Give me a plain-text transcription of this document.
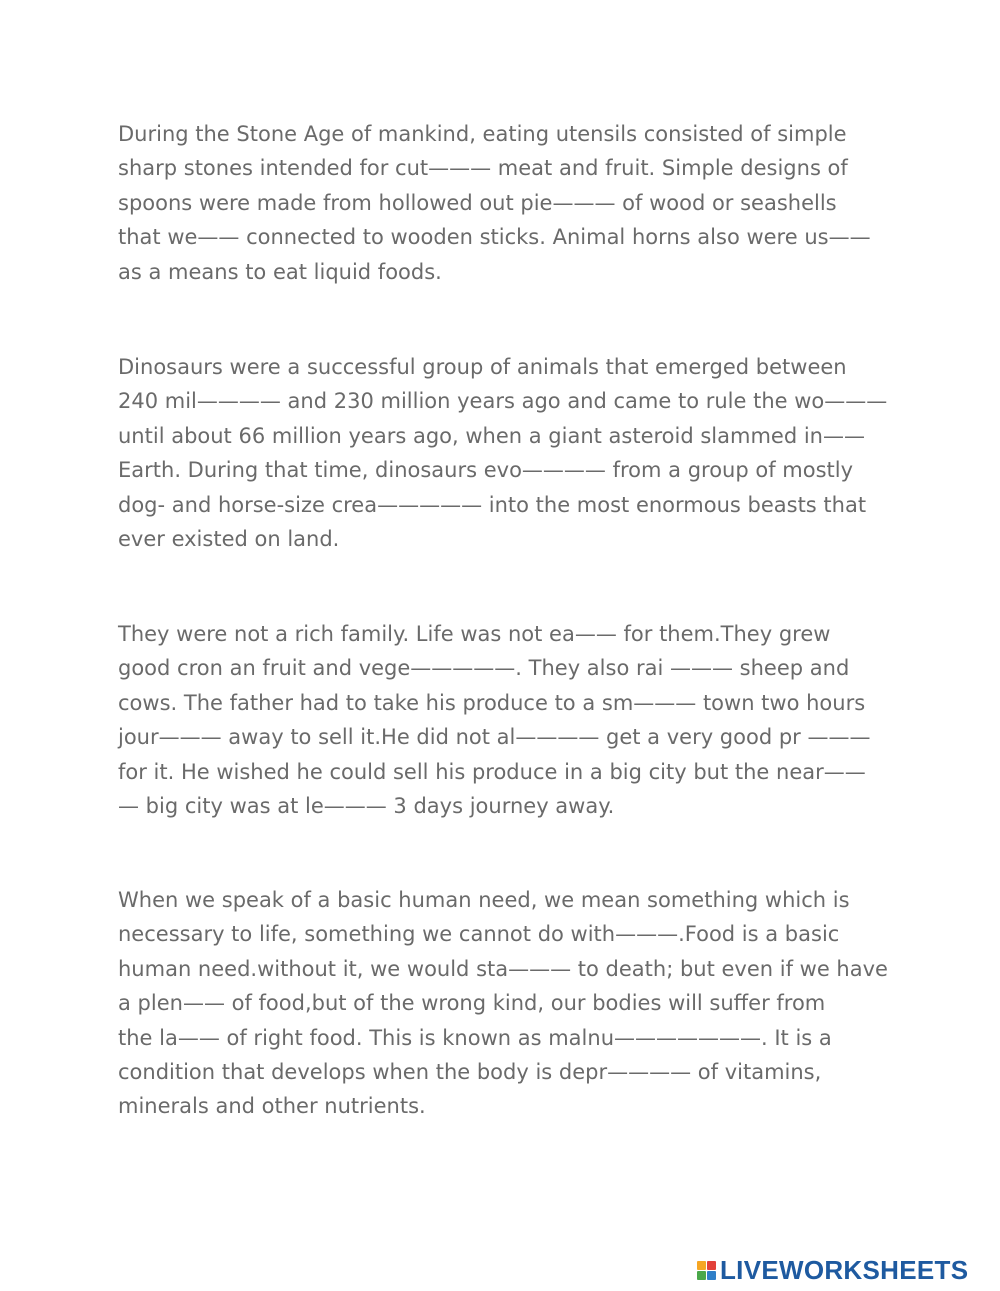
During the Stone Age of mankind, eating utensils consisted of simple
sharp stones intended for cut——— meat and fruit. Simple designs of
spoons were made from hollowed out pie——— of wood or seashells
that we—— connected to wooden sticks. Animal horns also were us——
as a means to eat liquid foods.

Dinosaurs were a successful group of animals that emerged between
240 mil———— and 230 million years ago and came to rule the wo———
until about 66 million years ago, when a giant asteroid slammed in——
Earth. During that time, dinosaurs evo———— from a group of mostly
dog- and horse-size crea————— into the most enormous beasts that
ever existed on land.

They were not a rich family. Life was not ea—— for them.They grew
good cron an fruit and vege—————. They also rai ——— sheep and
cows. The father had to take his produce to a sm——— town two hours
jour——— away to sell it.He did not al———— get a very good pr ———
for it. He wished he could sell his produce in a big city but the near——
— big city was at le——— 3 days journey away.

When we speak of a basic human need, we mean something which is
necessary to life, something we cannot do with———.Food is a basic
human need.without it, we would sta——— to death; but even if we have
a plen—— of food,but of the wrong kind, our bodies will suffer from
the la—— of right food. This is known as malnu———————. It is a
condition that develops when the body is depr———— of vitamins,
minerals and other nutrients.

LIVEWORKSHEETS
